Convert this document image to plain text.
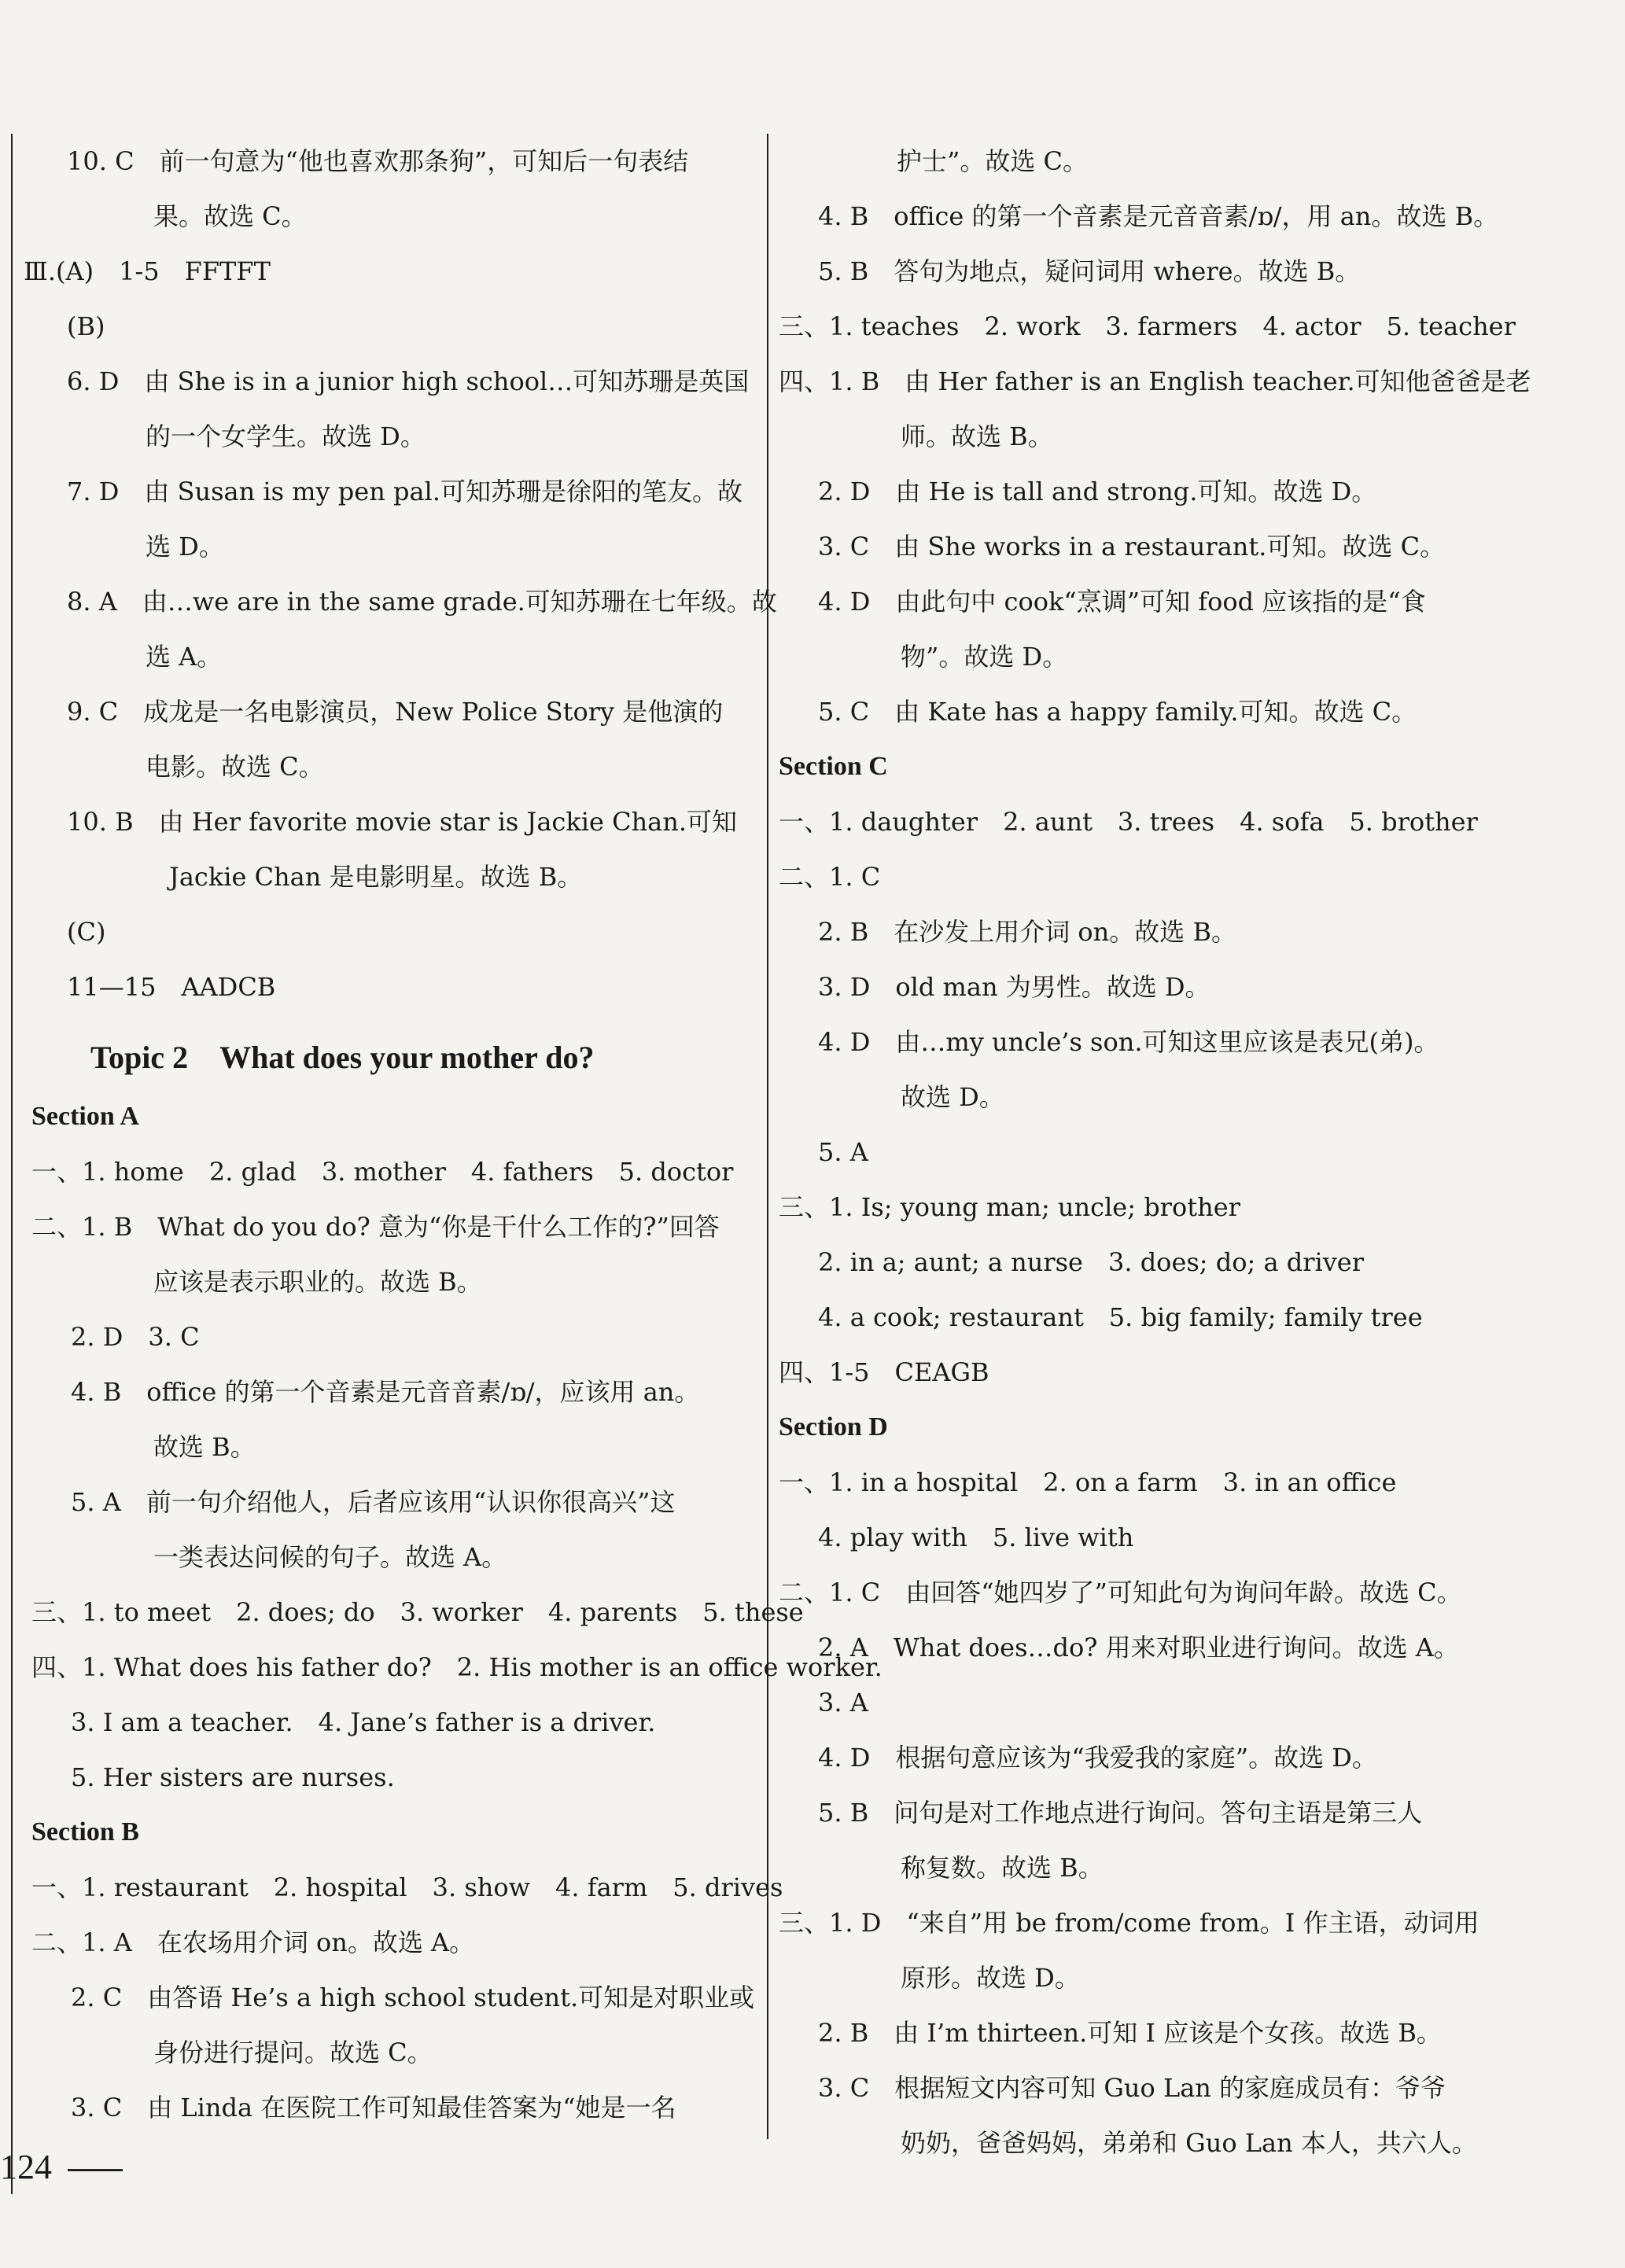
10. C　前一句意为“他也喜欢那条狗”，可知后一句表结
果。故选 C。
Ⅲ.(A)　1-5　FFTFT
(B)
6. D　由 She is in a junior high school…可知苏珊是英国
的一个女学生。故选 D。
7. D　由 Susan is my pen pal.可知苏珊是徐阳的笔友。故
选 D。
8. A　由…we are in the same grade.可知苏珊在七年级。故
选 A。
9. C　成龙是一名电影演员，New Police Story 是他演的
电影。故选 C。
10. B　由 Her favorite movie star is Jackie Chan.可知
Jackie Chan 是电影明星。故选 B。
(C)
11—15　AADCB
Topic 2　What does your mother do?
Section A
一、1. home　2. glad　3. mother　4. fathers　5. doctor
二、1. B　What do you do? 意为“你是干什么工作的?”回答
应该是表示职业的。故选 B。
2. D　3. C
4. B　office 的第一个音素是元音音素/ɒ/，应该用 an。
故选 B。
5. A　前一句介绍他人，后者应该用“认识你很高兴”这
一类表达问候的句子。故选 A。
三、1. to meet　2. does; do　3. worker　4. parents　5. these
四、1. What does his father do?　2. His mother is an office worker.
3. I am a teacher.　4. Jane’s father is a driver.
5. Her sisters are nurses.
Section B
一、1. restaurant　2. hospital　3. show　4. farm　5. drives
二、1. A　在农场用介词 on。故选 A。
2. C　由答语 He’s a high school student.可知是对职业或
身份进行提问。故选 C。
3. C　由 Linda 在医院工作可知最佳答案为“她是一名
护士”。故选 C。
4. B　office 的第一个音素是元音音素/ɒ/，用 an。故选 B。
5. B　答句为地点，疑问词用 where。故选 B。
三、1. teaches　2. work　3. farmers　4. actor　5. teacher
四、1. B　由 Her father is an English teacher.可知他爸爸是老
师。故选 B。
2. D　由 He is tall and strong.可知。故选 D。
3. C　由 She works in a restaurant.可知。故选 C。
4. D　由此句中 cook“烹调”可知 food 应该指的是“食
物”。故选 D。
5. C　由 Kate has a happy family.可知。故选 C。
Section C
一、1. daughter　2. aunt　3. trees　4. sofa　5. brother
二、1. C
2. B　在沙发上用介词 on。故选 B。
3. D　old man 为男性。故选 D。
4. D　由…my uncle’s son.可知这里应该是表兄(弟)。
故选 D。
5. A
三、1. Is; young man; uncle; brother
2. in a; aunt; a nurse　3. does; do; a driver
4. a cook; restaurant　5. big family; family tree
四、1-5　CEAGB
Section D
一、1. in a hospital　2. on a farm　3. in an office
4. play with　5. live with
二、1. C　由回答“她四岁了”可知此句为询问年龄。故选 C。
2. A　What does…do? 用来对职业进行询问。故选 A。
3. A
4. D　根据句意应该为“我爱我的家庭”。故选 D。
5. B　问句是对工作地点进行询问。答句主语是第三人
称复数。故选 B。
三、1. D　“来自”用 be from/come from。I 作主语，动词用
原形。故选 D。
2. B　由 I’m thirteen.可知 I 应该是个女孩。故选 B。
3. C　根据短文内容可知 Guo Lan 的家庭成员有：爷爷
奶奶，爸爸妈妈，弟弟和 Guo Lan 本人，共六人。
124
